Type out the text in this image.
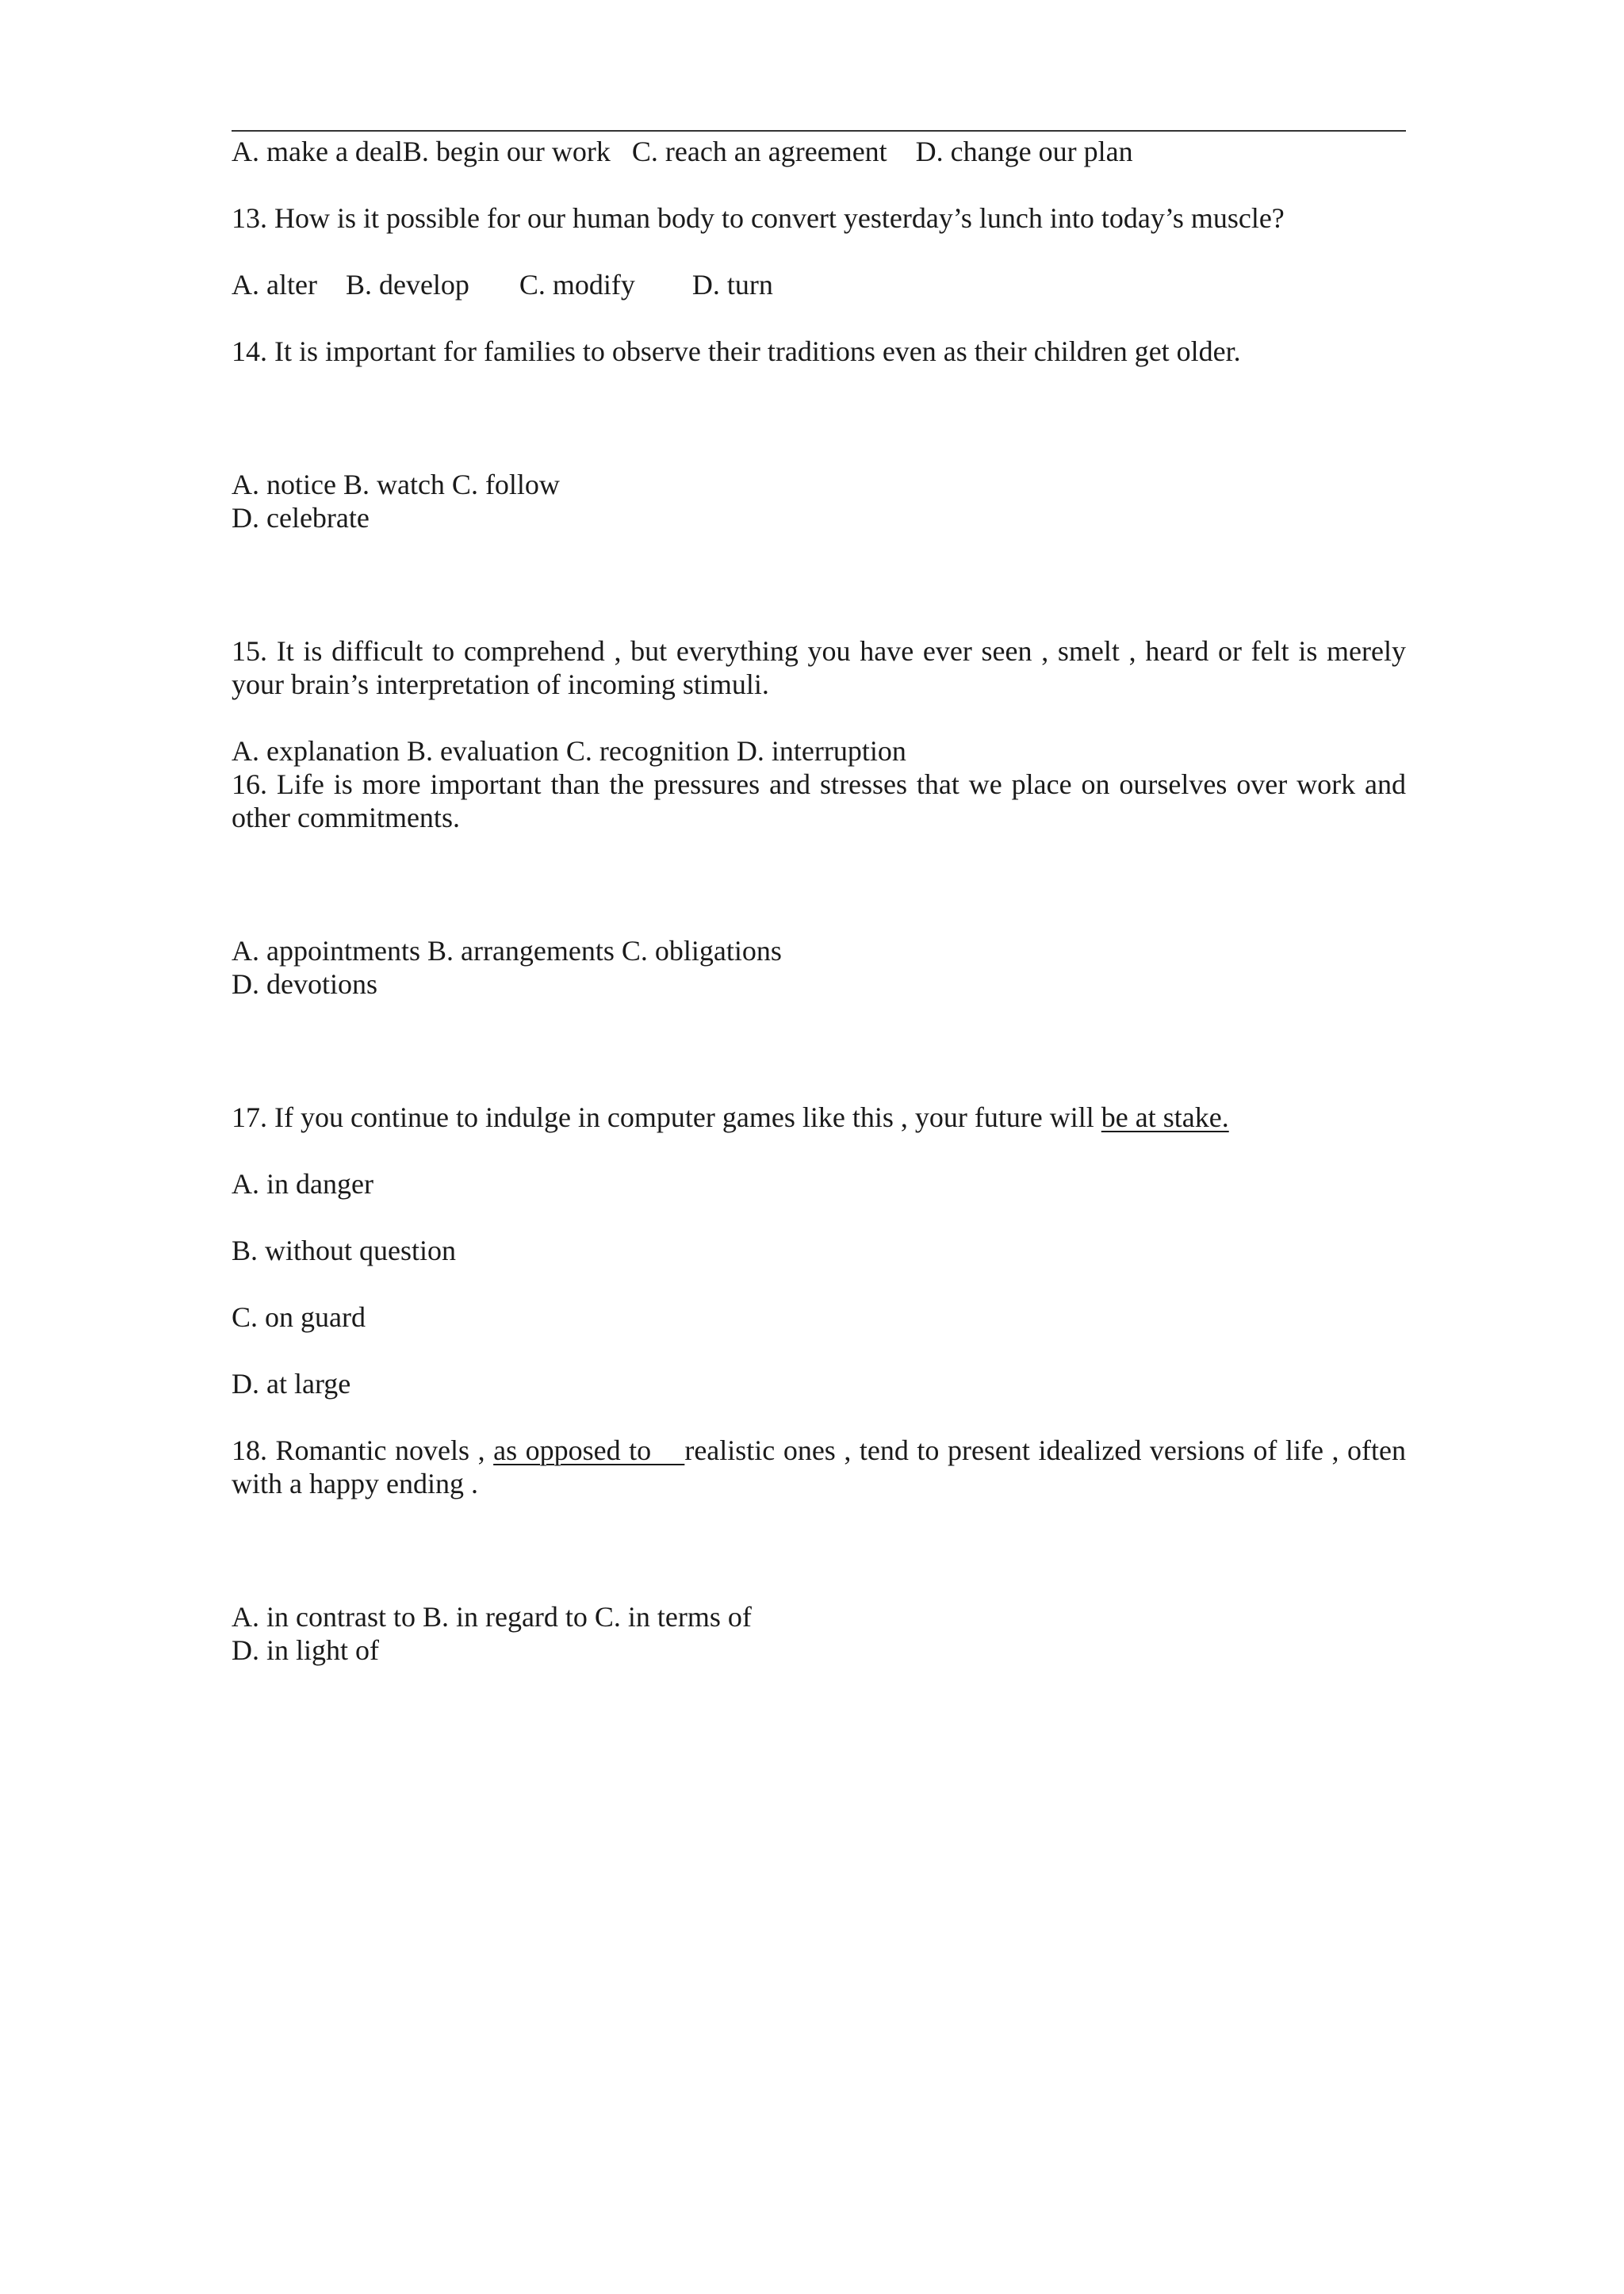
A. make a dealB. begin our work   C. reach an agreement    D. change our plan
13. How is it possible for our human body to convert yesterday’s lunch into today’s muscle?
A. alter    B. develop       C. modify        D. turn
14. It is important for families to observe their traditions even as their children get older.

A. notice B. watch C. follow
D. celebrate

15. It is difficult to comprehend , but everything you have ever seen , smelt , heard or felt is merely your brain’s interpretation of incoming stimuli.
A. explanation B. evaluation C. recognition D. interruption
16. Life is more important than the pressures and stresses that we place on ourselves over work and other commitments.

A. appointments B. arrangements C. obligations
D. devotions

17. If you continue to indulge in computer games like this , your future will be at stake.
A. in danger
B. without question
C. on guard
D. at large
18. Romantic novels , as opposed to    realistic ones , tend to present idealized versions of life , often with a happy ending .

A. in contrast to B. in regard to C. in terms of
D. in light of
